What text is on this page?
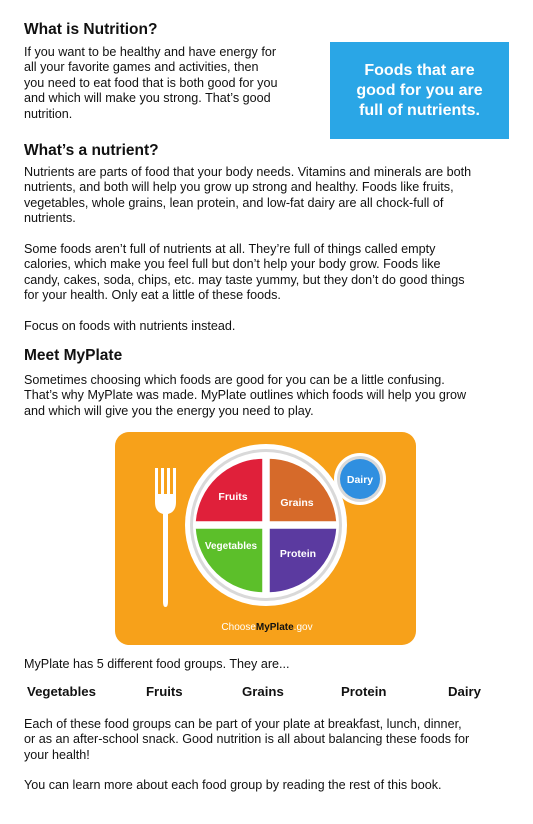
What is Nutrition?

If you want to be healthy and have energy for
all your favorite games and activities, then
you need to eat food that is both good for you
and which will make you strong. That’s good
nutrition.

Foods that are good for you are full of nutrients.
What’s a nutrient?

Nutrients are parts of food that your body needs. Vitamins and minerals are both
nutrients, and both will help you grow up strong and healthy. Foods like fruits,
vegetables, whole grains, lean protein, and low-fat dairy are all chock-full of
nutrients.

Some foods aren’t full of nutrients at all. They’re full of things called empty
calories, which make you feel full but don’t help your body grow. Foods like
candy, cakes, soda, chips, etc. may taste yummy, but they don’t do good things
for your health. Only eat a little of these foods.

Focus on foods with nutrients instead.

Meet MyPlate

Sometimes choosing which foods are good for you can be a little confusing.
That’s why MyPlate was made. MyPlate outlines which foods will help you grow
and which will give you the energy you need to play.

Fruits	Grains
Vegetables
Protein
Dairy
ChooseMyPlate.gov

MyPlate has 5 different food groups. They are...

Vegetables	Fruits	Grains	Protein	Dairy

Each of these food groups can be part of your plate at breakfast, lunch, dinner,
or as an after-school snack. Good nutrition is all about balancing these foods for
your health!

You can learn more about each food group by reading the rest of this book.
